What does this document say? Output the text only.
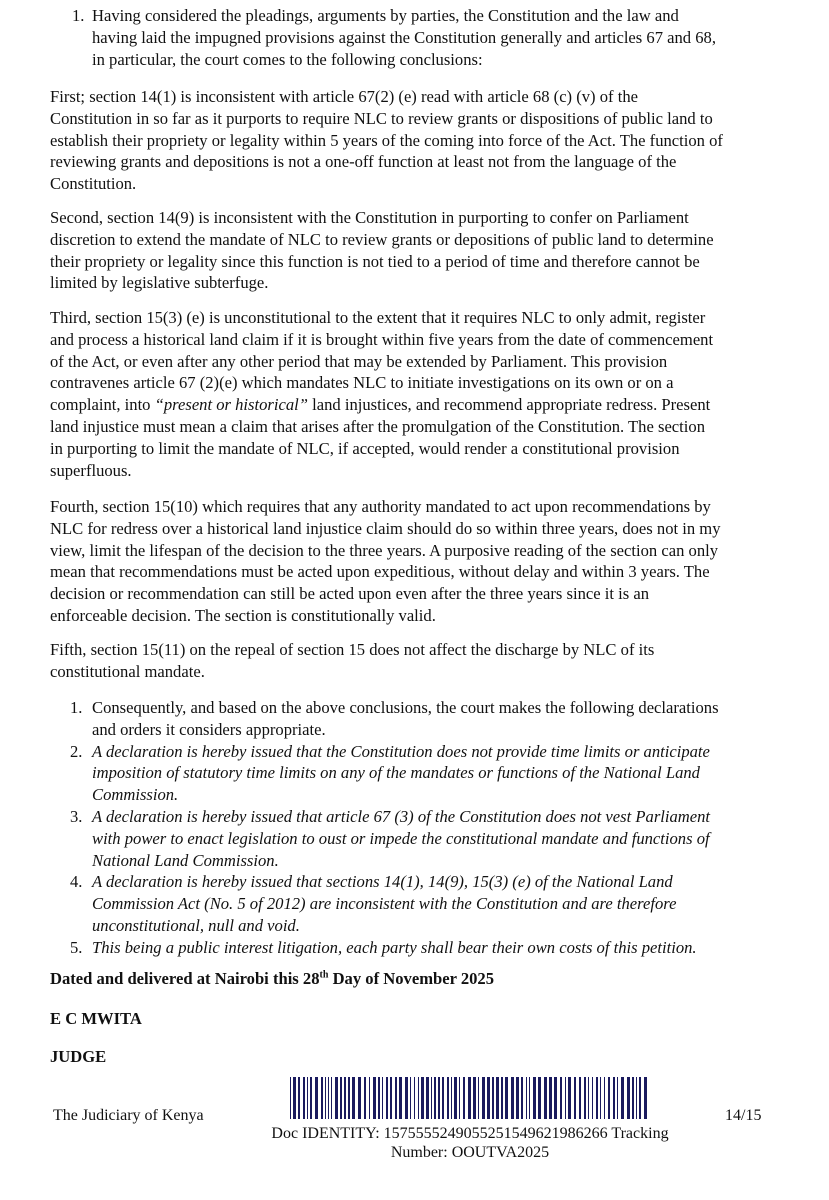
1. Having considered the pleadings, arguments by parties, the Constitution and the law and
having laid the impugned provisions against the Constitution generally and articles 67 and 68,
in particular, the court comes to the following conclusions:
First; section 14(1) is inconsistent with article 67(2) (e) read with article 68 (c) (v) of the
Constitution in so far as it purports to require NLC to review grants or dispositions of public land to
establish their propriety or legality within 5 years of the coming into force of the Act. The function of
reviewing grants and depositions is not a one-off function at least not from the language of the
Constitution.
Second, section 14(9) is inconsistent with the Constitution in purporting to confer on Parliament
discretion to extend the mandate of NLC to review grants or depositions of public land to determine
their propriety or legality since this function is not tied to a period of time and therefore cannot be
limited by legislative subterfuge.
Third, section 15(3) (e) is unconstitutional to the extent that it requires NLC to only admit, register
and process a historical land claim if it is brought within five years from the date of commencement
of the Act, or even after any other period that may be extended by Parliament. This provision
contravenes article 67 (2)(e) which mandates NLC to initiate investigations on its own or on a
complaint, into “present or historical” land injustices, and recommend appropriate redress. Present
land injustice must mean a claim that arises after the promulgation of the Constitution. The section
in purporting to limit the mandate of NLC, if accepted, would render a constitutional provision
superfluous.
Fourth, section 15(10) which requires that any authority mandated to act upon recommendations by
NLC for redress over a historical land injustice claim should do so within three years, does not in my
view, limit the lifespan of the decision to the three years. A purposive reading of the section can only
mean that recommendations must be acted upon expeditious, without delay and within 3 years. The
decision or recommendation can still be acted upon even after the three years since it is an
enforceable decision. The section is constitutionally valid.
Fifth, section 15(11) on the repeal of section 15 does not affect the discharge by NLC of its
constitutional mandate.
1. Consequently, and based on the above conclusions, the court makes the following declarations
and orders it considers appropriate.
2. A declaration is hereby issued that the Constitution does not provide time limits or anticipate
imposition of statutory time limits on any of the mandates or functions of the National Land
Commission.
3. A declaration is hereby issued that article 67 (3) of the Constitution does not vest Parliament
with power to enact legislation to oust or impede the constitutional mandate and functions of
National Land Commission.
4. A declaration is hereby issued that sections 14(1), 14(9), 15(3) (e) of the National Land
Commission Act (No. 5 of 2012) are inconsistent with the Constitution and are therefore
unconstitutional, null and void.
5. This being a public interest litigation, each party shall bear their own costs of this petition.
Dated and delivered at Nairobi this 28th Day of November 2025
E C MWITA
JUDGE
The Judiciary of Kenya	14/15
Doc IDENTITY: 1575555249055251549621986266 Tracking
Number: OOUTVA2025
